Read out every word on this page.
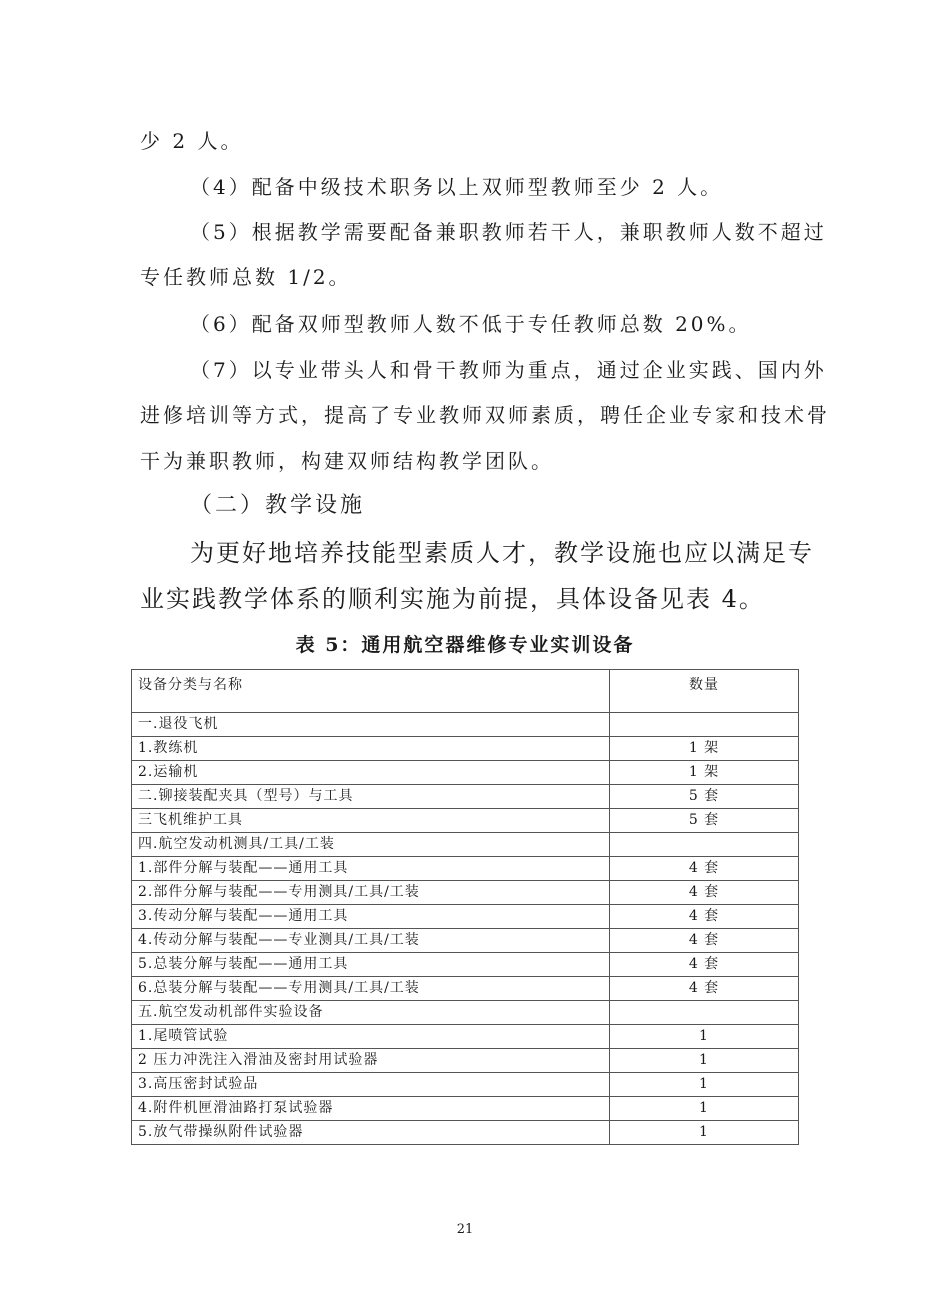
少 2 人。

（4）配备中级技术职务以上双师型教师至少 2 人。

（5）根据教学需要配备兼职教师若干人，兼职教师人数不超过

专任教师总数 1/2。

（6）配备双师型教师人数不低于专任教师总数 20%。

（7）以专业带头人和骨干教师为重点，通过企业实践、国内外

进修培训等方式，提高了专业教师双师素质，聘任企业专家和技术骨

干为兼职教师，构建双师结构教学团队。

（二）教学设施

为更好地培养技能型素质人才，教学设施也应以满足专

业实践教学体系的顺利实施为前提，具体设备见表 4。

表 5：通用航空器维修专业实训设备
设备分类与名称	数量
一.退役飞机	
1.教练机	1 架
2.运输机	1 架
二.铆接装配夹具（型号）与工具	5 套
三飞机维护工具	5 套
四.航空发动机测具/工具/工装	
1.部件分解与装配——通用工具	4 套
2.部件分解与装配——专用测具/工具/工装	4 套
3.传动分解与装配——通用工具	4 套
4.传动分解与装配——专业测具/工具/工装	4 套
5.总装分解与装配——通用工具	4 套
6.总装分解与装配——专用测具/工具/工装	4 套
五.航空发动机部件实验设备	
1.尾喷管试验	1
2 压力冲洗注入滑油及密封用试验器	1
3.高压密封试验品	1
4.附件机匣滑油路打泵试验器	1
5.放气带操纵附件试验器	1

21
